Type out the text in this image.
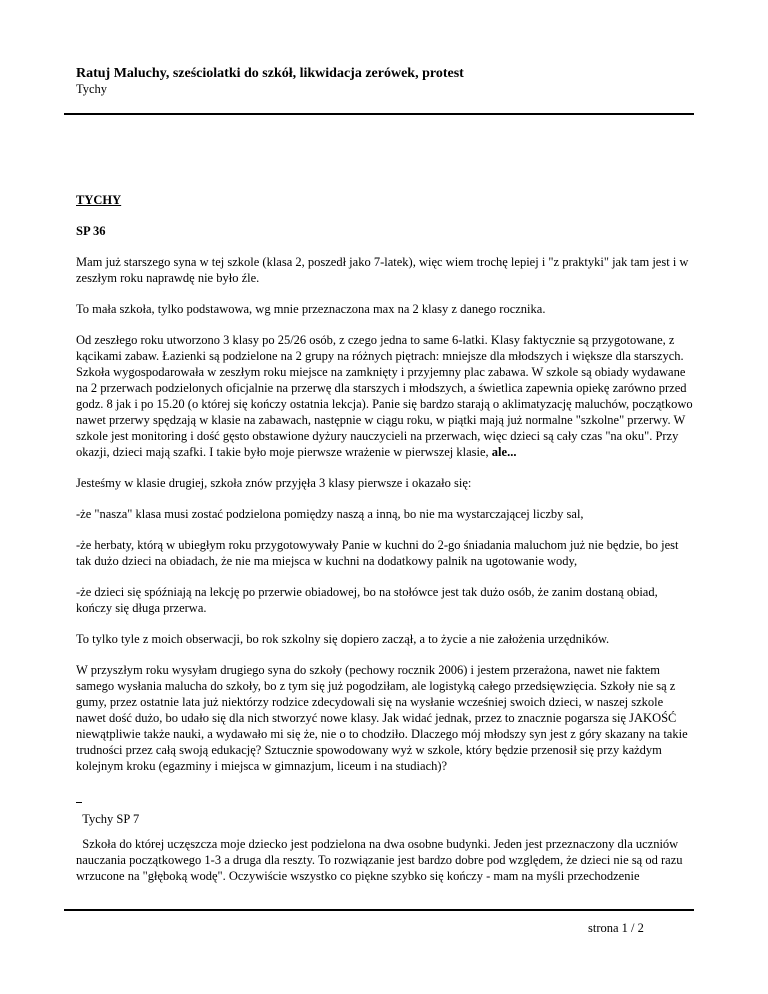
Ratuj Maluchy, sześciolatki do szkół, likwidacja zerówek, protest
Tychy

TYCHY

SP 36

Mam już starszego syna w tej szkole (klasa 2, poszedł jako 7-latek), więc wiem trochę lepiej i "z praktyki" jak tam jest i w zeszłym roku naprawdę nie było źle.

To mała szkoła, tylko podstawowa, wg mnie przeznaczona max na 2 klasy z danego rocznika.

Od zeszłego roku utworzono 3 klasy po 25/26 osób, z czego jedna to same 6-latki. Klasy faktycznie są przygotowane, z kącikami zabaw. Łazienki są podzielone na 2 grupy na różnych piętrach: mniejsze dla młodszych i większe dla starszych. Szkoła wygospodarowała w zeszłym roku miejsce na zamknięty i przyjemny plac zabawa. W szkole są obiady wydawane na 2 przerwach podzielonych oficjalnie na przerwę dla starszych i młodszych, a świetlica zapewnia opiekę zarówno przed godz. 8 jak i po 15.20 (o której się kończy ostatnia lekcja). Panie się bardzo starają o aklimatyzację maluchów, początkowo nawet przerwy spędzają w klasie na zabawach, następnie w ciągu roku, w piątki mają już normalne "szkolne" przerwy. W szkole jest monitoring i dość gęsto obstawione dyżury nauczycieli na przerwach, więc dzieci są cały czas "na oku". Przy okazji, dzieci mają szafki. I takie było moje pierwsze wrażenie w pierwszej klasie, ale...

Jesteśmy w klasie drugiej, szkoła znów przyjęła 3 klasy pierwsze i okazało się:

-że "nasza" klasa musi zostać podzielona pomiędzy naszą a inną, bo nie ma wystarczającej liczby sal,

-że herbaty, którą w ubiegłym roku przygotowywały Panie w kuchni do 2-go śniadania maluchom już nie będzie, bo jest tak dużo dzieci na obiadach, że nie ma miejsca w kuchni na dodatkowy palnik na ugotowanie wody,

-że dzieci się spóźniają na lekcję po przerwie obiadowej, bo na stołówce jest tak dużo osób, że zanim dostaną obiad, kończy się długa przerwa.

To tylko tyle z moich obserwacji, bo rok szkolny się dopiero zaczął, a to życie a nie założenia urzędników.

W przyszłym roku wysyłam drugiego syna do szkoły (pechowy rocznik 2006) i jestem przerażona, nawet nie faktem samego wysłania malucha do szkoły, bo z tym się już pogodziłam, ale logistyką całego przedsięwzięcia. Szkoły nie są z gumy, przez ostatnie lata już niektórzy rodzice zdecydowali się na wysłanie wcześniej swoich dzieci, w naszej szkole nawet dość dużo, bo udało się dla nich stworzyć nowe klasy. Jak widać jednak, przez to znacznie pogarsza się JAKOŚĆ niewątpliwie także nauki, a wydawało mi się że, nie o to chodziło. Dlaczego mój młodszy syn jest z góry skazany na takie trudności przez całą swoją edukację? Sztucznie spowodowany wyż w szkole, który będzie przenosił się przy każdym kolejnym kroku (egazminy i miejsca w gimnazjum, liceum i na studiach)?

Tychy SP 7
Szkoła do której uczęszcza moje dziecko jest podzielona na dwa osobne budynki. Jeden jest przeznaczony dla uczniów nauczania początkowego 1-3 a druga dla reszty. To rozwiązanie jest bardzo dobre pod względem, że dzieci nie są od razu wrzucone na "głęboką wodę". Oczywiście wszystko co piękne szybko się kończy - mam na myśli przechodzenie
strona 1 / 2
